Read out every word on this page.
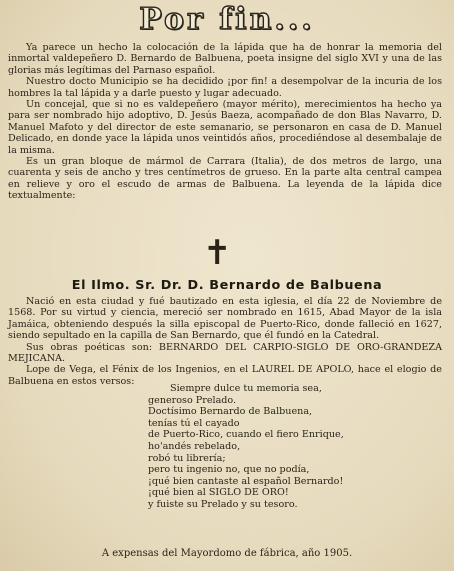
Por fin...

Ya parece un hecho la colocación de la lápida que ha de honrar la memoria del inmortal valdepeñero D. Bernardo de Balbuena, poeta insigne del siglo XVI y una de las glorias más legítimas del Parnaso español.

Nuestro docto Municipio se ha decidido ¡por fin! a desempolvar de la incuria de los hombres la tal lápida y a darle puesto y lugar adecuado.

Un concejal, que si no es valdepeñero (mayor mérito), merecimientos ha hecho ya para ser nombrado hijo adoptivo, D. Jesús Baeza, acompañado de don Blas Navarro, D. Manuel Mafoto y del director de este semanario, se personaron en casa de D. Manuel Delicado, en donde yace la lápida unos veintidós años, procediéndose al desembalaje de la misma.

Es un gran bloque de mármol de Carrara (Italia), de dos metros de largo, una cuarenta y seis de ancho y tres centímetros de grueso. En la parte alta central campea en relieve y oro el escudo de armas de Balbuena. La leyenda de la lápida dice textualmente:

✝
El Ilmo. Sr. Dr. D. Bernardo de Balbuena

Nació en esta ciudad y fué bautizado en esta iglesia, el día 22 de Noviembre de 1568. Por su virtud y ciencia, mereció ser nombrado en 1615, Abad Mayor de la isla Jamáica, obteniendo después la silla episcopal de Puerto-Rico, donde falleció en 1627, siendo sepultado en la capilla de San Bernardo, que él fundó en la Catedral.

Sus obras poéticas son: BERNARDO DEL CARPIO-SIGLO DE ORO-GRANDEZA MEJICANA.

Lope de Vega, el Fénix de los Ingenios, en el LAUREL DE APOLO, hace el elogio de Balbuena en estos versos:

Siempre dulce tu memoria sea,
generoso Prelado.
Doctísimo Bernardo de Balbuena,
tenías tú el cayado
de Puerto-Rico, cuando el fiero Enrique,
ho'andés rebelado,
robó tu librería;
pero tu ingenio no, que no podía,
¡qué bien cantaste al español Bernardo!
¡qué bien al SIGLO DE ORO!
y fuiste su Prelado y su tesoro.
A expensas del Mayordomo de fábrica, año 1905.
